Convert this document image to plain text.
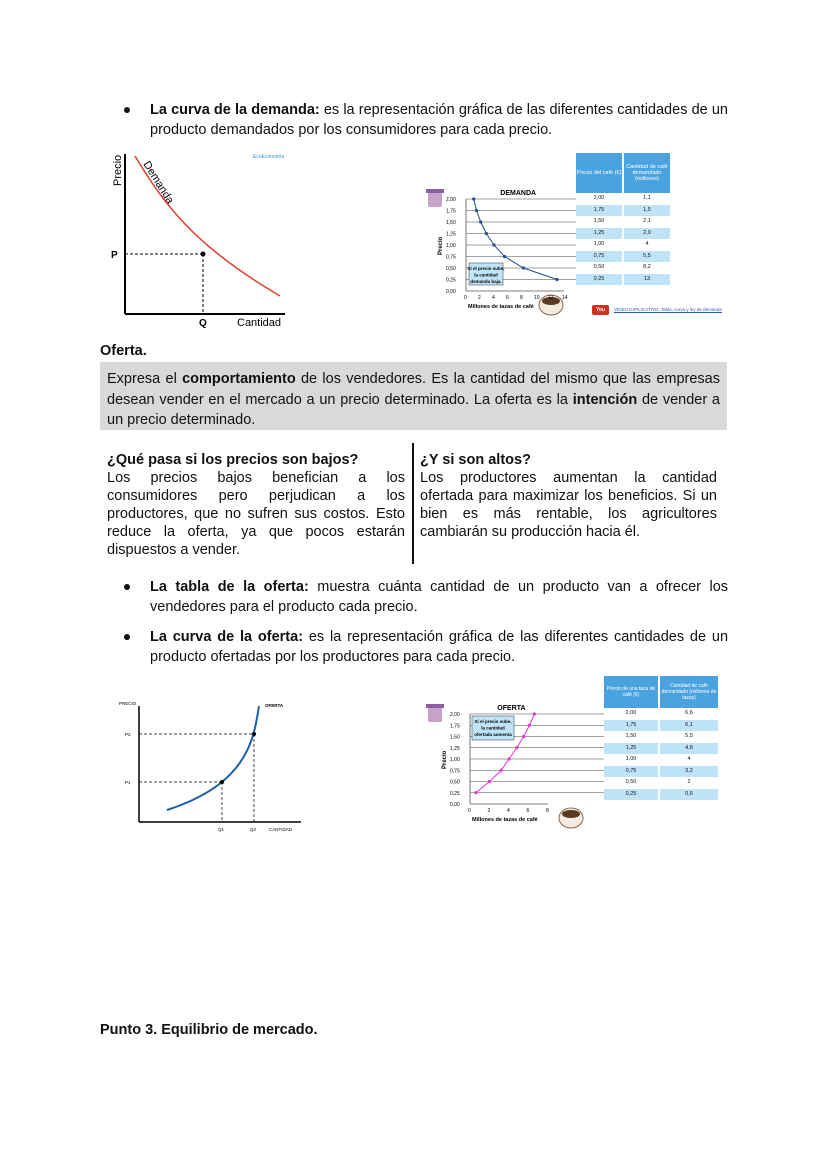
La curva de la demanda: es la representación gráfica de las diferentes cantidades de un producto demandados por los consumidores para cada precio.
Precio Demanda
P
Q	Cantidad
EcoEconomía
DEMANDA
2,00
1,75
1,50
1,25
1,00
0,75
0,50
0,25
0,00
0 2 4 6 8 10 12 14
Precio
Millones de tazas de café
Si el precio sube,
la cantidad
demanda baja.
Precio del café (€)
Cantidad de café demandado (millones)
2,00	1,1
1,75	1,5
1,50	2,1
1,25	2,9
1,00	4
0,75	5,5
0,50	8,2
0,25	13
You Tube
VÍDEO EXPLICATIVO: Tabla, curva y ley de demanda
Oferta.
Expresa el comportamiento de los vendedores. Es la cantidad del mismo que las empresas desean vender en el mercado a un precio determinado. La oferta es la intención de vender a un precio determinado.
¿Qué pasa si los precios son bajos?
Los precios bajos benefician a los consumidores pero perjudican a los productores, que no sufren sus costos. Esto reduce la oferta, ya que pocos estarán dispuestos a vender.
¿Y si son altos?
Los productores aumentan la cantidad ofertada para maximizar los beneficios. Si un bien es más rentable, los agricultores cambiarán su producción hacia él.
La tabla de la oferta: muestra cuánta cantidad de un producto van a ofrecer los vendedores para el producto cada precio.
La curva de la oferta: es la representación gráfica de las diferentes cantidades de un producto ofertadas por los productores para cada precio.
PRECIO	OFERTA
P2
P1
Q1	Q2	CANTIDAD
OFERTA
2,00
1,75
1,50
1,25
1,00
0,75
0,50
0,25
0,00
0	2	4	6	8
Precio
Millones de tazas de café
Si el precio sube,
la cantidad
ofertada aumenta
Precio de una taza de café (€)
Cantidad de café demandado (millones de tazas)
2,00	6,6
1,75	6,1
1,50	5,5
1,25	4,8
1,00	4
0,75	3,2
0,50	2
0,25	0,6
Punto 3. Equilibrio de mercado.
